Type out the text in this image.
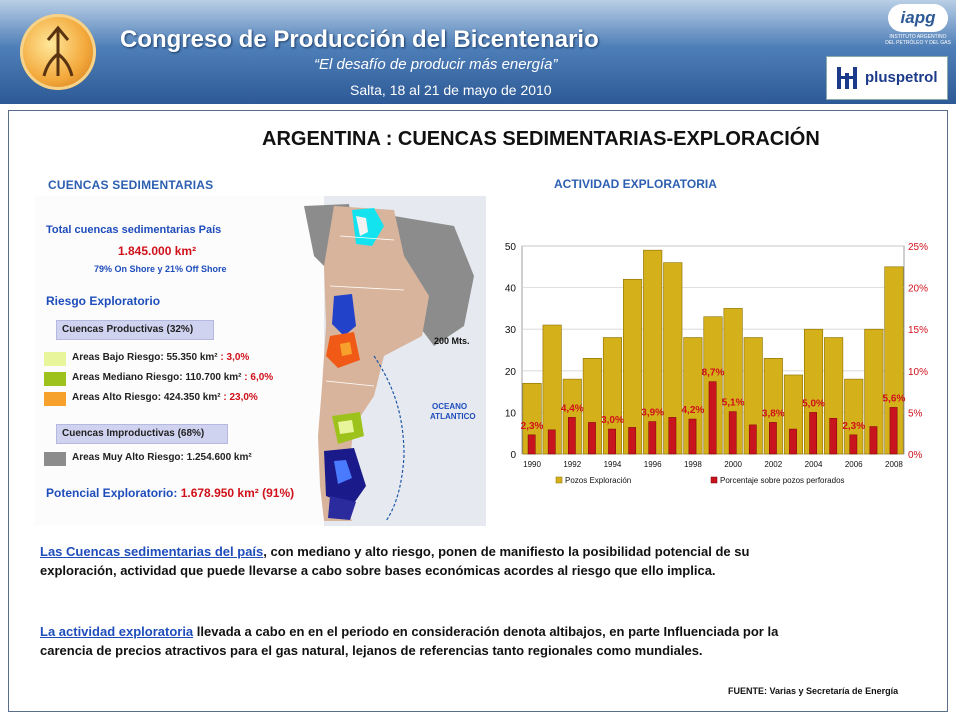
Congreso de Producción del Bicentenario
“El desafío de producir más energía”
Salta, 18 al 21 de mayo de 2010
iapg
INSTITUTO ARGENTINO DEL PETRÓLEO Y DEL GAS
pluspetrol
ARGENTINA : CUENCAS SEDIMENTARIAS-EXPLORACIÓN
CUENCAS SEDIMENTARIAS	ACTIVIDAD EXPLORATORIA
200 Mts.
OCEANO
ATLANTICO
Total cuencas sedimentarias País
1.845.000 km²
79% On Shore y 21% Off Shore
Riesgo Exploratorio
Cuencas Productivas (32%)
Areas Bajo Riesgo: 55.350 km² : 3,0%
Areas Mediano Riesgo: 110.700 km² : 6,0%
Areas Alto Riesgo: 424.350 km² : 23,0%
Cuencas Improductivas (68%)
Areas Muy Alto Riesgo: 1.254.600 km²
Potencial Exploratorio: 1.678.950 km² (91%)
0	0%
10	5%
20	10%
30	15%
40	20%
50	25%
2,3%
4,4%
3,0%
3,9% 4,2%
8,7%
5,1%
3,8%
5,0%
2,3%
5,6%
1990	1992	1994	1996	1998	2000	2002	2004	2006	2008
Pozos Exploración	Porcentaje sobre pozos perforados
Las Cuencas sedimentarias del país, con mediano y alto riesgo, ponen de manifiesto la posibilidad potencial de su exploración, actividad que puede llevarse a cabo sobre bases económicas acordes al riesgo que ello implica.
La actividad exploratoria llevada a cabo en en el periodo en consideración denota altibajos, en parte Influenciada por la carencia de precios atractivos para el gas natural, lejanos de referencias tanto regionales como mundiales.
FUENTE: Varias y Secretaría de Energía
